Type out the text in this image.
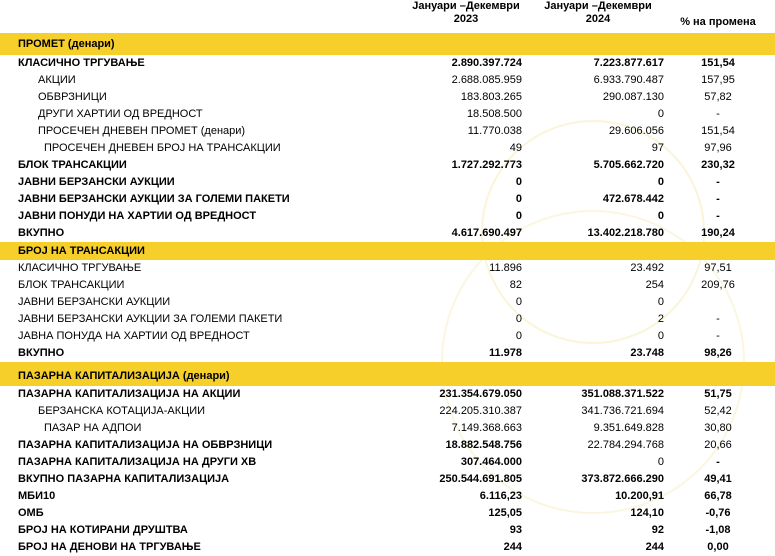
Јануари –Декември
2023
Јануари –Декември
2024	% на промена
ПРОМЕТ (денари)
КЛАСИЧНО ТРГУВАЊЕ	2.890.397.724	7.223.877.617	151,54
АКЦИИ	2.688.085.959	6.933.790.487	157,95
ОБВРЗНИЦИ	183.803.265	290.087.130	57,82
ДРУГИ ХАРТИИ ОД ВРЕДНОСТ	18.508.500	0	-
ПРОСЕЧЕН ДНЕВЕН ПРОМЕТ (денари)	11.770.038	29.606.056	151,54
ПРОСЕЧЕН ДНЕВЕН БРОЈ НА ТРАНСАКЦИИ	49	97	97,96
БЛОК ТРАНСАКЦИИ	1.727.292.773	5.705.662.720	230,32
ЈАВНИ БЕРЗАНСКИ АУКЦИИ	0	0	-
ЈАВНИ БЕРЗАНСКИ АУКЦИИ ЗА ГОЛЕМИ ПАКЕТИ	0	472.678.442	-
ЈАВНИ ПОНУДИ НА ХАРТИИ ОД ВРЕДНОСТ	0	0	-
ВКУПНО	4.617.690.497	13.402.218.780	190,24
БРОЈ НА ТРАНСАКЦИИ
КЛАСИЧНО ТРГУВАЊЕ	11.896	23.492	97,51
БЛОК ТРАНСАКЦИИ	82	254	209,76
ЈАВНИ БЕРЗАНСКИ АУКЦИИ	0	0
ЈАВНИ БЕРЗАНСКИ АУКЦИИ ЗА ГОЛЕМИ ПАКЕТИ	0	2	-
ЈАВНА ПОНУДА НА ХАРТИИ ОД ВРЕДНОСТ	0	0	-
ВКУПНО	11.978	23.748	98,26
ПАЗАРНА КАПИТАЛИЗАЦИЈА (денари)
ПАЗАРНА КАПИТАЛИЗАЦИЈА НА АКЦИИ	231.354.679.050	351.088.371.522	51,75
БЕРЗАНСКА КОТАЦИЈА-АКЦИИ	224.205.310.387	341.736.721.694	52,42
ПАЗАР НА АДПОИ	7.149.368.663	9.351.649.828	30,80
ПАЗАРНА КАПИТАЛИЗАЦИЈА НА ОБВРЗНИЦИ	18.882.548.756	22.784.294.768	20,66
ПАЗАРНА КАПИТАЛИЗАЦИЈА НА ДРУГИ ХВ	307.464.000	0	-
ВКУПНО ПАЗАРНА КАПИТАЛИЗАЦИЈА	250.544.691.805	373.872.666.290	49,41
МБИ10	6.116,23	10.200,91	66,78
ОМБ	125,05	124,10	-0,76
БРОЈ НА КОТИРАНИ ДРУШТВА	93	92	-1,08
БРОЈ НА ДЕНОВИ НА ТРГУВАЊЕ	244	244	0,00
